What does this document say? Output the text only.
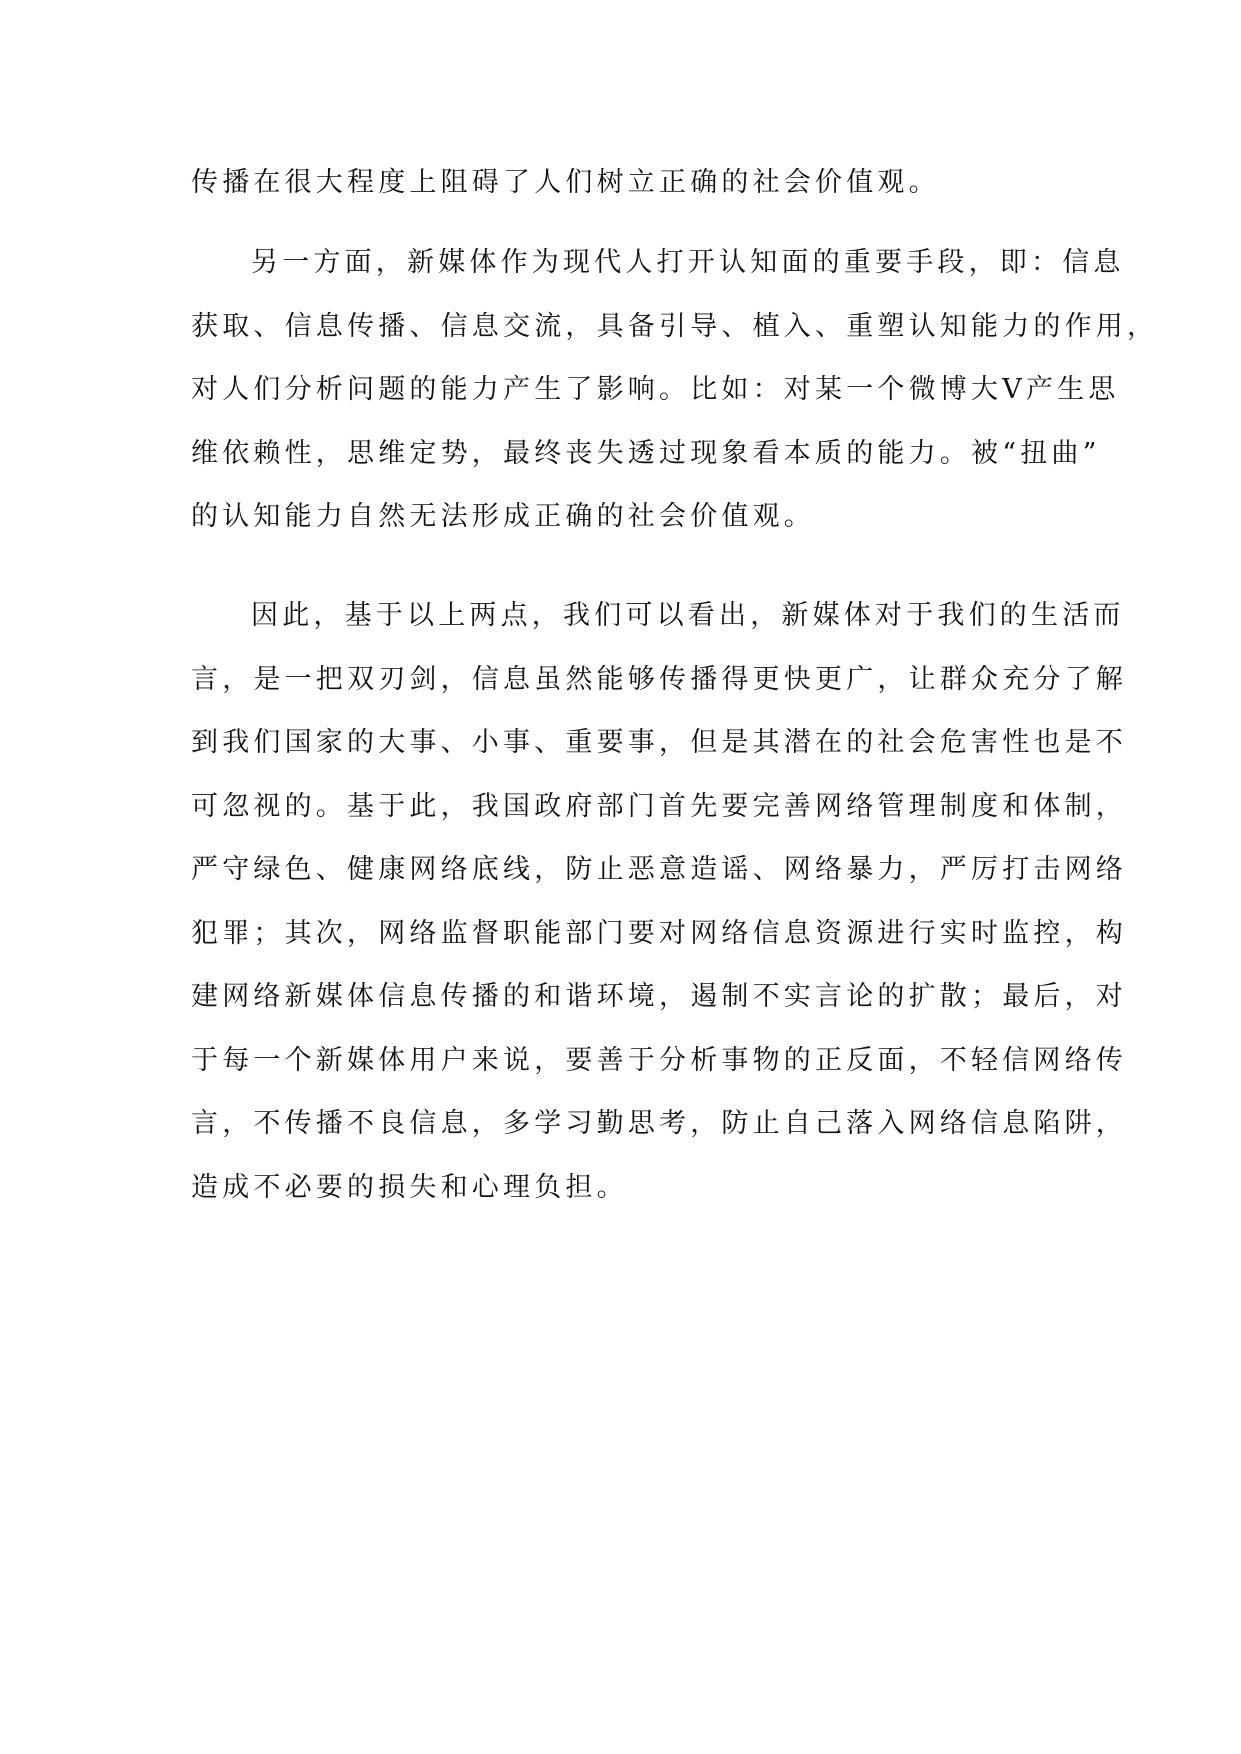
传播在很大程度上阻碍了人们树立正确的社会价值观。

另一方面，新媒体作为现代人打开认知面的重要手段，即：信息

获取、信息传播、信息交流，具备引导、植入、重塑认知能力的作用，

对人们分析问题的能力产生了影响。比如：对某一个微博大V产生思

维依赖性，思维定势，最终丧失透过现象看本质的能力。被“扭曲”

的认知能力自然无法形成正确的社会价值观。

因此，基于以上两点，我们可以看出，新媒体对于我们的生活而

言，是一把双刃剑，信息虽然能够传播得更快更广，让群众充分了解

到我们国家的大事、小事、重要事，但是其潜在的社会危害性也是不

可忽视的。基于此，我国政府部门首先要完善网络管理制度和体制，

严守绿色、健康网络底线，防止恶意造谣、网络暴力，严厉打击网络

犯罪；其次，网络监督职能部门要对网络信息资源进行实时监控，构

建网络新媒体信息传播的和谐环境，遏制不实言论的扩散；最后，对

于每一个新媒体用户来说，要善于分析事物的正反面，不轻信网络传

言，不传播不良信息，多学习勤思考，防止自己落入网络信息陷阱，

造成不必要的损失和心理负担。
